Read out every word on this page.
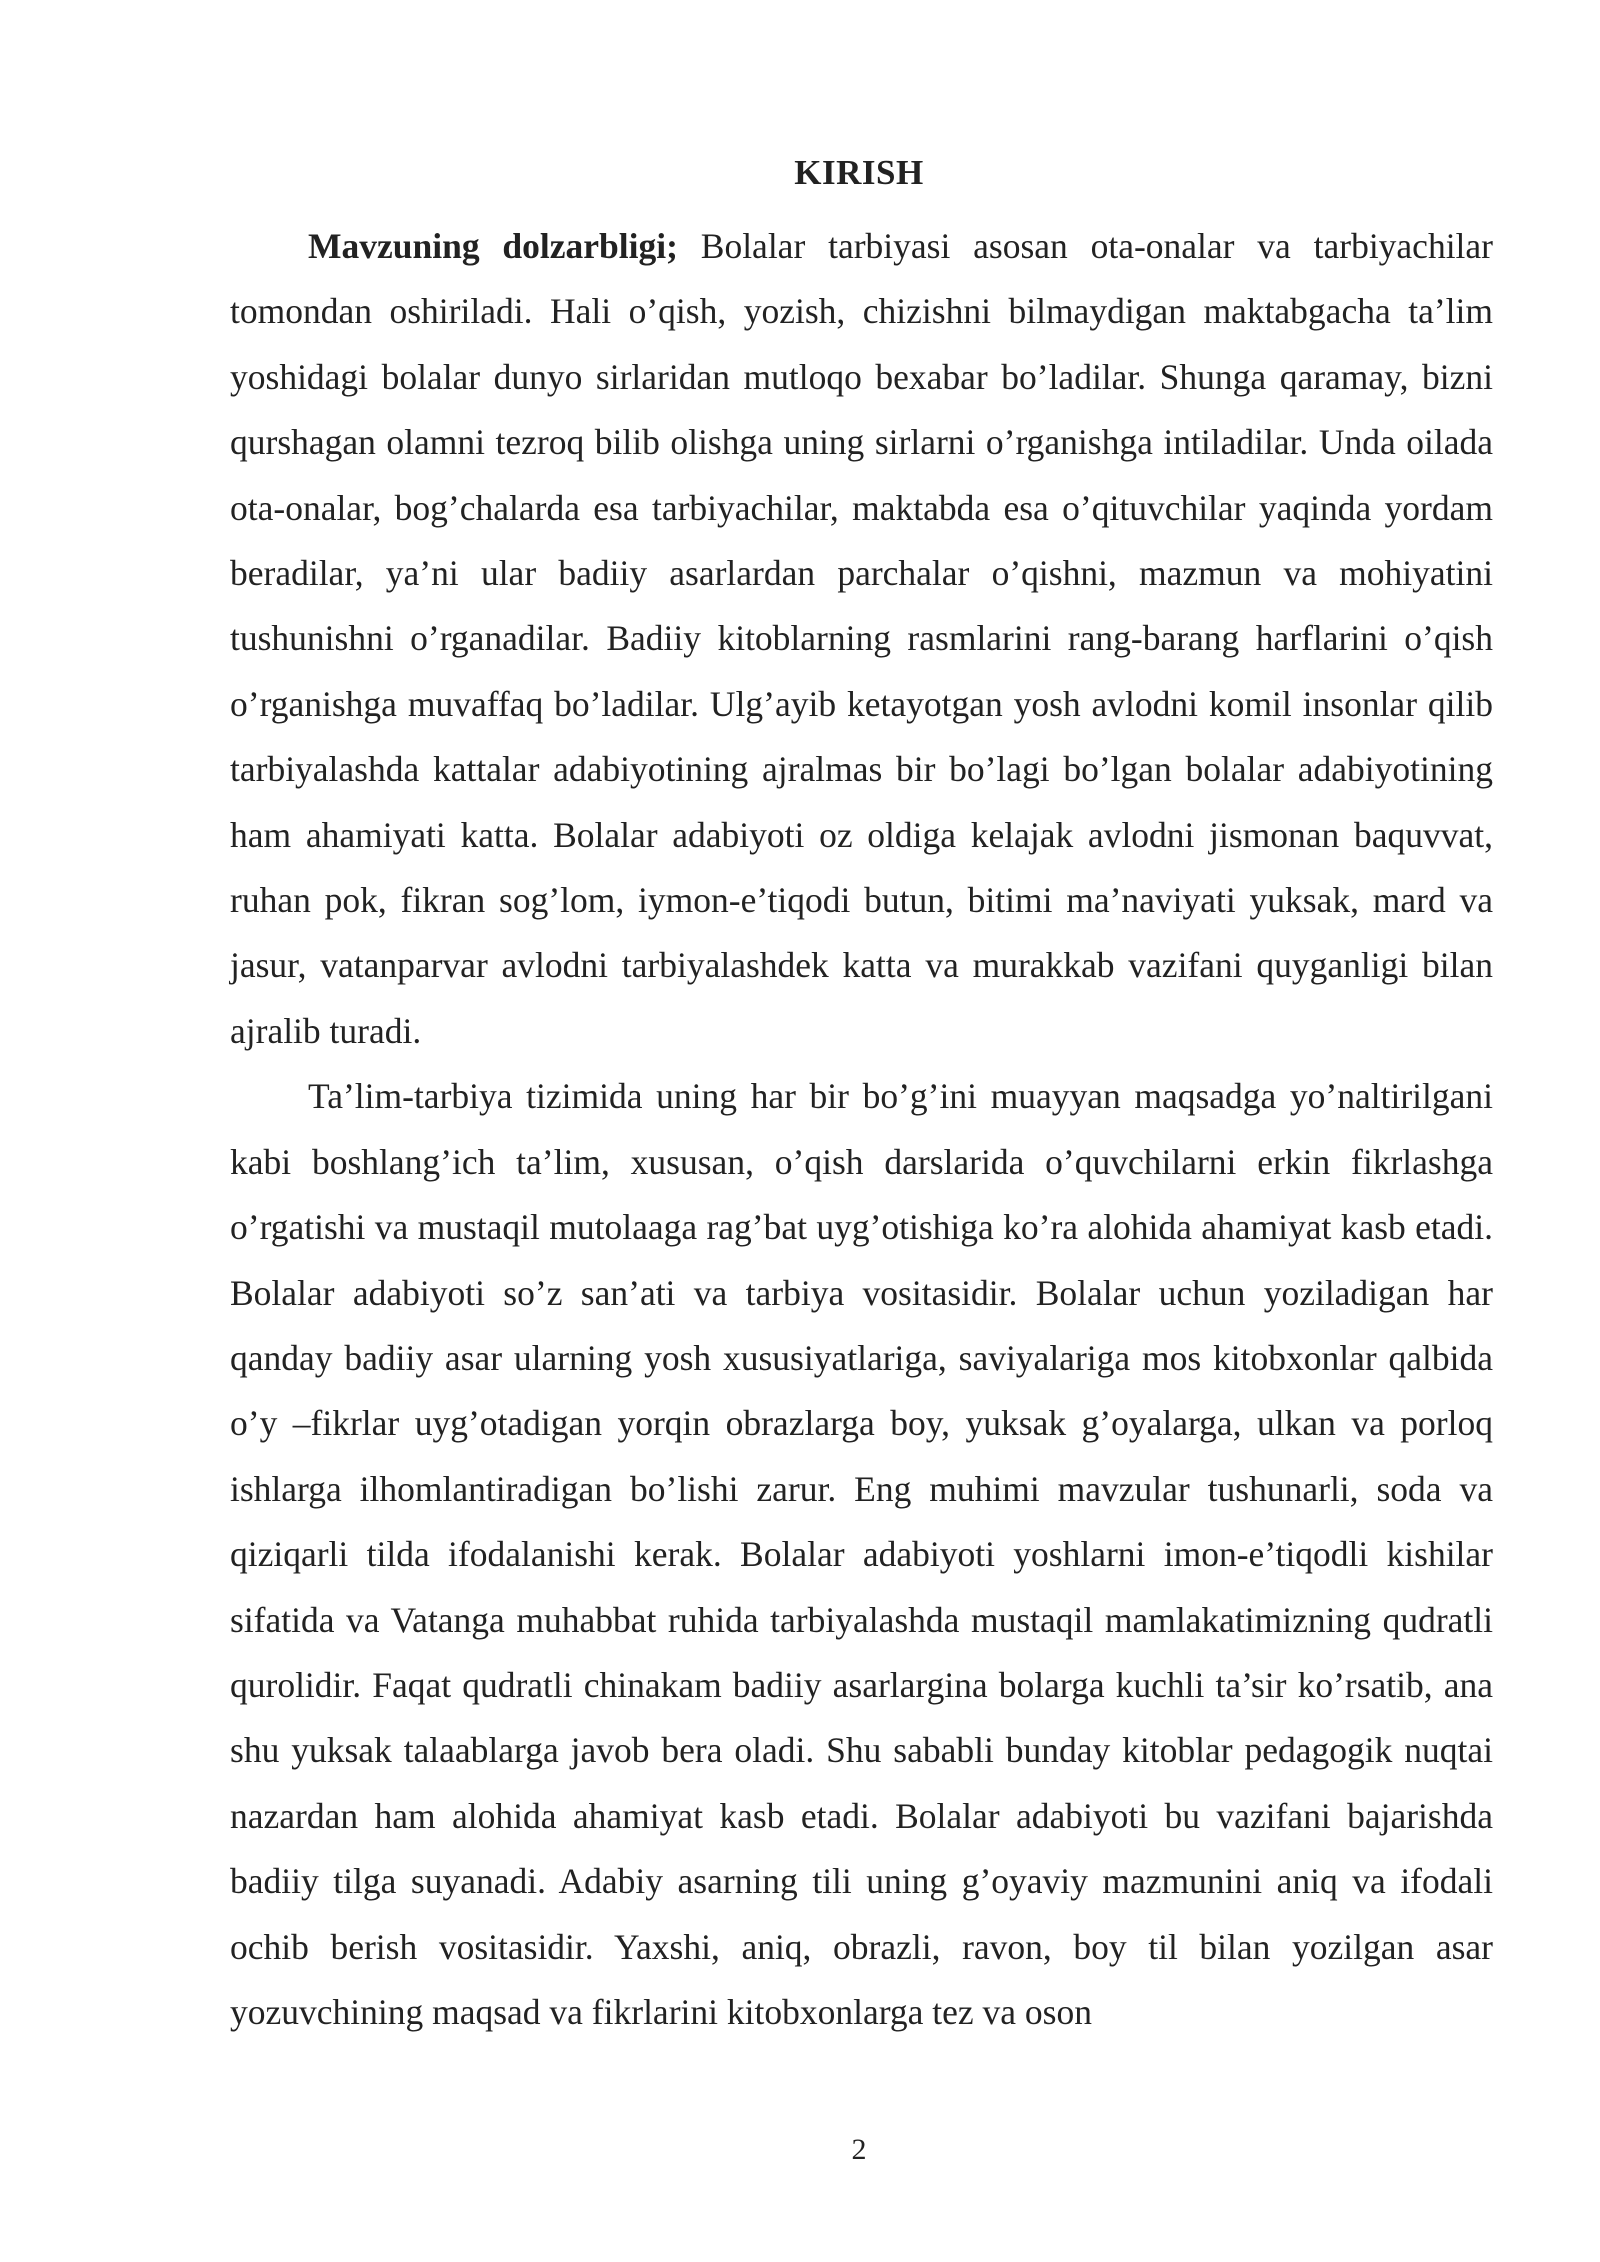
KIRISH

Mavzuning dolzarbligi; Bolalar tarbiyasi asosan ota-onalar va tarbiyachilar tomondan oshiriladi. Hali o’qish, yozish, chizishni bilmaydigan maktabgacha ta’lim yoshidagi bolalar dunyo sirlaridan mutloqo bexabar bo’ladilar. Shunga qaramay, bizni qurshagan olamni tezroq bilib olishga uning sirlarni o’rganishga intiladilar. Unda oilada ota-onalar, bog’chalarda esa tarbiyachilar, maktabda esa o’qituvchilar yaqinda yordam beradilar, ya’ni ular badiiy asarlardan parchalar o’qishni, mazmun va mohiyatini tushunishni o’rganadilar. Badiiy kitoblarning rasmlarini rang-barang harflarini o’qish o’rganishga muvaffaq bo’ladilar. Ulg’ayib ketayotgan yosh avlodni komil insonlar qilib tarbiyalashda kattalar adabiyotining ajralmas bir bo’lagi bo’lgan bolalar adabiyotining ham ahamiyati katta. Bolalar adabiyoti oz oldiga kelajak avlodni jismonan baquvvat, ruhan pok, fikran sog’lom, iymon-e’tiqodi butun, bitimi ma’naviyati yuksak, mard va jasur, vatanparvar avlodni tarbiyalashdek katta va murakkab vazifani quyganligi bilan ajralib turadi.

Ta’lim-tarbiya tizimida uning har bir bo’g’ini muayyan maqsadga yo’naltirilgani kabi boshlang’ich ta’lim, xususan, o’qish darslarida o’quvchilarni erkin fikrlashga o’rgatishi va mustaqil mutolaaga rag’bat uyg’otishiga ko’ra alohida ahamiyat kasb etadi. Bolalar adabiyoti so’z san’ati va tarbiya vositasidir. Bolalar uchun yoziladigan har qanday badiiy asar ularning yosh xususiyatlariga, saviyalariga mos kitobxonlar qalbida o’y –fikrlar uyg’otadigan yorqin obrazlarga boy, yuksak g’oyalarga, ulkan va porloq ishlarga ilhomlantiradigan bo’lishi zarur. Eng muhimi mavzular tushunarli, soda va qiziqarli tilda ifodalanishi kerak. Bolalar adabiyoti yoshlarni imon-e’tiqodli kishilar sifatida va Vatanga muhabbat ruhida tarbiyalashda mustaqil mamlakatimizning qudratli qurolidir. Faqat qudratli chinakam badiiy asarlargina bolarga kuchli ta’sir ko’rsatib, ana shu yuksak talaablarga javob bera oladi. Shu sababli bunday kitoblar pedagogik nuqtai nazardan ham alohida ahamiyat kasb etadi. Bolalar adabiyoti bu vazifani bajarishda badiiy tilga suyanadi. Adabiy asarning tili uning g’oyaviy mazmunini aniq va ifodali ochib berish vositasidir. Yaxshi, aniq, obrazli, ravon, boy til bilan yozilgan asar yozuvchining maqsad va fikrlarini kitobxonlarga tez va oson

2
